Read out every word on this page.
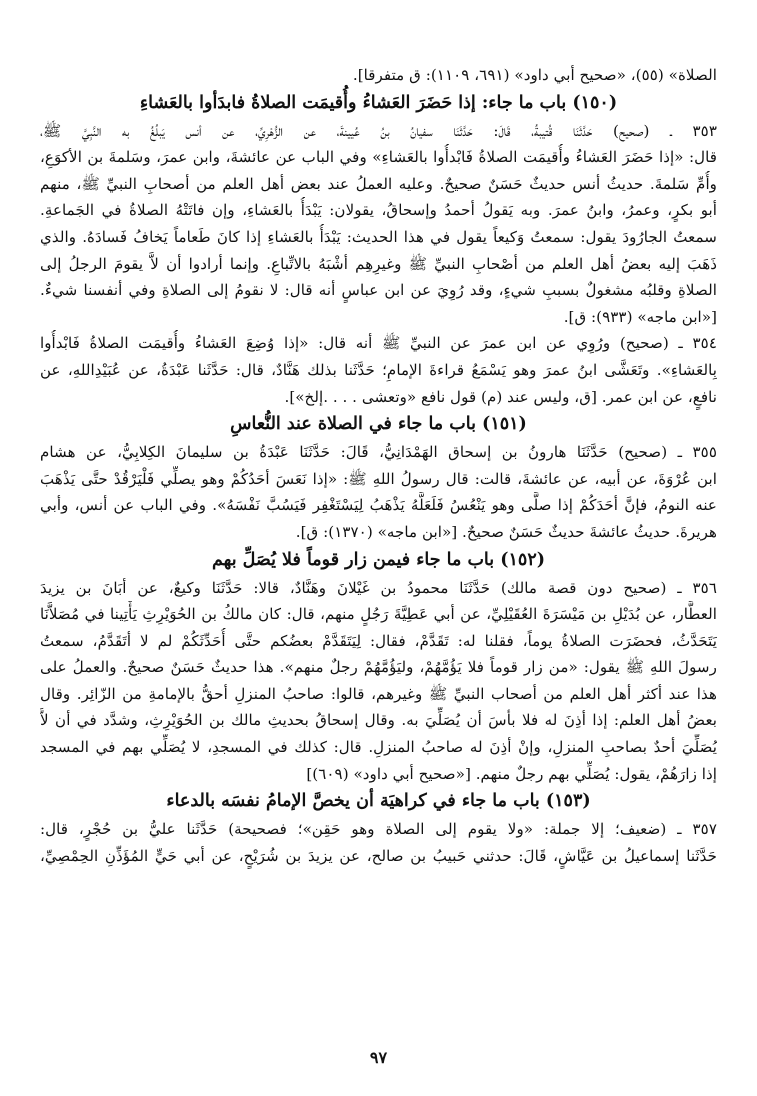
الصلاة» (٥٥)، «صحيح أبي داود» (٦٩١، ١١٠٩): ق متفرقا].
(١٥٠) باب ما جاء: إذا حَضَرَ العَشاءُ وأُقيمَت الصلاةُ فابدَأوا بالعَشاءِ
٣٥٣ ـ (صحيح) حَدَّثَنَا قُتيبةُ، قَالَ: حَدَّثَنَا سفيانُ بنُ عُيينةَ، عن الزُّهْرِيِّ، عن أنس يَبلُغُ به النَّبِيَّ ﷺ،
قال: «إذا حَضَرَ العَشاءُ وأُقيمَت الصلاةُ فَابْدأُوا بالعَشاءِ» وفي الباب عن عائشةَ، وابن عمرَ، وسَلمةَ بن الأكوَعِ،
وأُمِّ سَلمةَ. حديثُ أنس حديثٌ حَسَنٌ صحيحٌ. وعليه العملُ عند بعض أهل العلم من أصحابِ النبيِّ ﷺ، منهم
أبو بكرٍ، وعمرُ، وابنُ عمرَ. وبه يَقولُ أحمدُ وإسحاقُ، يقولان: يَبْدَأُ بالعَشاءِ، وإن فاتَتْهُ الصلاةُ في الجَماعةِ.
سمعتُ الجارُودَ يقول: سمعتُ وَكيعاً يقول في هذا الحديث: يَبْدَأُ بالعَشاءِ إذا كانَ طَعاماً يَخافُ فَسادَهُ. والذي
ذَهَبَ إليه بعضُ أهل العلم من أصْحابِ النبيِّ ﷺ وغيرِهِم أشْبَهُ بالاتِّباعِ. وإنما أرادوا أن لاَّ يقومَ الرجلُ إلى
الصلاةِ وقلبُه مشغولٌ بسببِ شيءٍ، وقد رُوِيَ عن ابن عباسٍ أنه قال: لا نقومُ إلى الصلاةِ وفي أنفسنا شيءٌ.
[«ابن ماجه» (٩٣٣): ق].
٣٥٤ ـ (صحيح) ورُوِي عن ابن عمرَ عن النبيِّ ﷺ أنه قال: «إذا وُضِعَ العَشاءُ وأُقيمَت الصلاةُ فَابْدأُوا
بِالعَشاءِ». وتَعَشَّى ابنُ عمرَ وهو يَسْمَعُ قراءةَ الإمامِ؛ حَدَّثَنا بذلك هَنَّادٌ، قال: حَدَّثَنا عَبْدَةُ، عن عُبَيْدِاللهِ، عن
نافعٍ، عن ابن عمر. [ق، وليس عند (م) قول نافع «وتعشى . . . .إلخ»].
(١٥١) باب ما جاء في الصلاة عند النُّعاسِ
٣٥٥ ـ (صحيح) حَدَّثَنَا هارونُ بن إسحاق الهَمْدَانِيُّ، قَالَ: حَدَّثَنَا عَبْدَةُ بن سليمانَ الكِلابِيُّ، عن هشام
ابن عُرْوَةَ، عن أبيه، عن عائشةَ، قالت: قال رسولُ اللهِ ﷺ: «إذا نَعَسَ أحَدُكُمْ وهو يصلِّي فَلْيَرْقُدْ حتَّى يَذْهَبَ
عنه النومُ، فإنَّ أحَدَكُمْ إذا صلَّى وهو يَنْعُسُ فَلَعَلَّهُ يَذْهَبُ لِيَسْتَغْفِر فَيَسُبَّ نَفْسَهُ». وفي الباب عن أنس، وأبي
هريرةَ. حديثُ عائشةَ حديثٌ حَسَنٌ صحيحٌ. [«ابن ماجه» (١٣٧٠): ق].
(١٥٢) باب ما جاء فيمن زار قوماً فلا يُصَلِّ بهم
٣٥٦ ـ (صحيح دون قصة مالك) حَدَّثَنَا محمودُ بن غَيْلانَ وهَنَّادٌ، قالا: حَدَّثَنَا وكيعٌ، عن أبَانَ بن يزيدَ
العطَّار، عن بُدَيْلِ بن مَيْسَرَةَ العُقَيْلِيِّ، عن أبي عَطِيَّةَ رَجُلٍ منهم، قال: كان مالكُ بن الحُوَيْرِثِ يَأْتِينا في مُصَلاَّنَا
يَتَحَدَّثُ، فحضَرَت الصلاةُ يوماً، فقلنا له: تَقَدَّمْ، فقال: لِيَتَقَدَّمْ بعضُكم حتَّى أُحَدِّثَكُمْ لم لا أتَقَدَّمُ، سمعتُ
رسولَ اللهِ ﷺ يقول: «من زار قوماً فلا يَؤُمَّهُمْ، وليَؤُمَّهُمْ رجلٌ منهم». هذا حديثٌ حَسَنٌ صحيحٌ. والعملُ على
هذا عند أكثر أهل العلم من أصحاب النبيِّ ﷺ وغيرهم، قالوا: صاحبُ المنزلِ أحقُّ بالإمامةِ من الزّائِر. وقال
بعضُ أهل العلم: إذا أذِنَ له فلا بأسَ أن يُصَلِّيَ به. وقال إسحاقُ بحديثِ مالك بن الحُوَيْرِثِ، وشدَّد في أن لاَّ
يُصَلِّيَ أحدٌ بصاحبِ المنزلِ، وإنْ أذِنَ له صاحبُ المنزلِ. قال: كذلك في المسجدِ، لا يُصَلِّي بهم في المسجد
إذا زارَهُمْ، يقول: يُصَلِّي بهم رجلٌ منهم. [«صحيح أبي داود» (٦٠٩)]
(١٥٣) باب ما جاء في كراهيَة أن يخصَّ الإمامُ نفسَه بالدعاء
٣٥٧ ـ (ضعيف؛ إلا جملة: «ولا يقوم إلى الصلاة وهو حَقِن»؛ فصحيحة) حَدَّثَنا عليُّ بن حُجْرٍ، قال:
حَدَّثَنا إسماعيلُ بن عَيَّاشٍ، قَالَ: حدثني حَبيبُ بن صالح، عن يزيدَ بن شُرَيْحٍ، عن أبي حَيٍّ المُؤَذِّنِ الحِمْصِيِّ،
٩٧
